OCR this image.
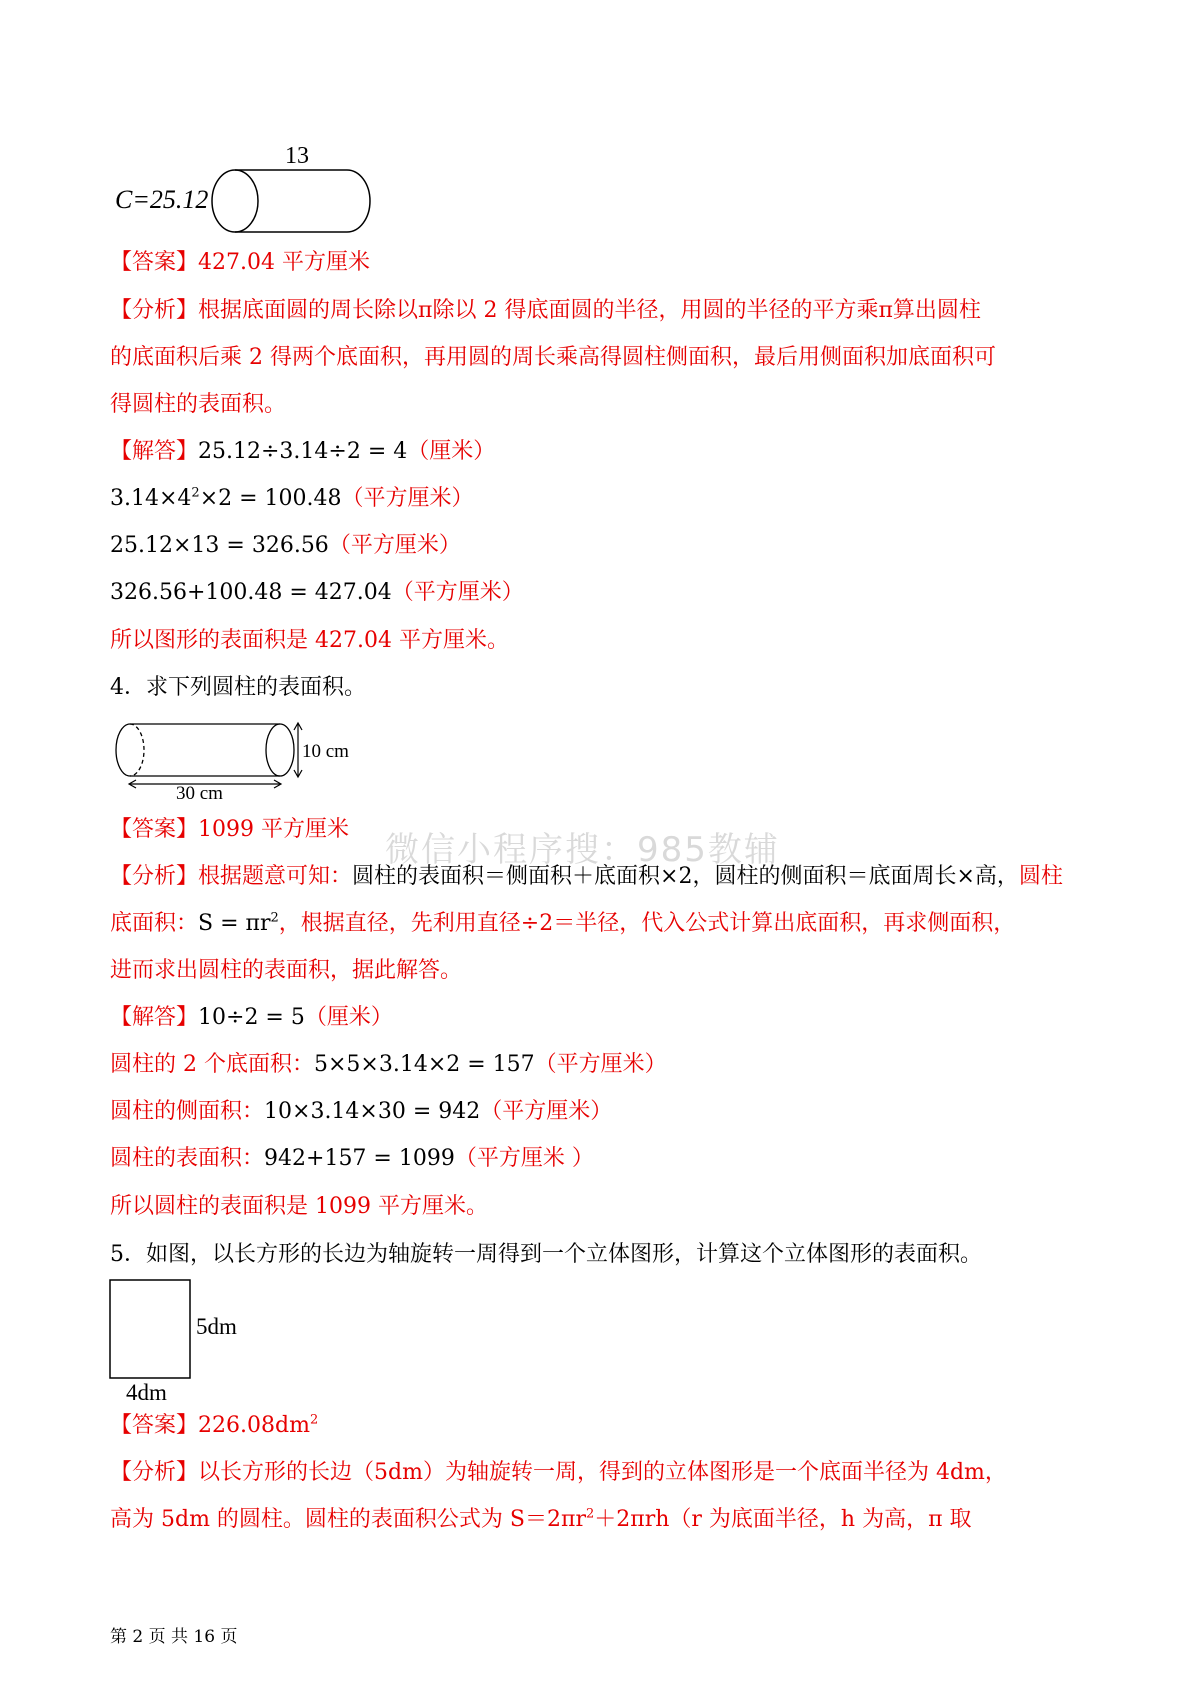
C=25.12
13
【答案】427.04 平方厘米
【分析】根据底面圆的周长除以π除以 2 得底面圆的半径，用圆的半径的平方乘π算出圆柱
的底面积后乘 2 得两个底面积，再用圆的周长乘高得圆柱侧面积，最后用侧面积加底面积可
得圆柱的表面积。
【解答】25.12÷3.14÷2 = 4（厘米）
$3.14\times 4^2\times 2 = 100.48$（平方厘米）
25.12×13 = 326.56（平方厘米）
326.56+100.48 = 427.04（平方厘米）
所以图形的表面积是 427.04 平方厘米。
4．求下列圆柱的表面积。
10 cm
30 cm
【答案】1099 平方厘米
【分析】根据题意可知：圆柱的表面积＝侧面积＋底面积×2，圆柱的侧面积＝底面周长×高，圆柱
底面积：$S = \pi r^2$，根据直径，先利用直径÷2＝半径，代入公式计算出底面积，再求侧面积，
进而求出圆柱的表面积，据此解答。
【解答】10÷2 = 5（厘米）
圆柱的 2 个底面积：5×5×3.14×2 = 157（平方厘米）
圆柱的侧面积：10×3.14×30 = 942（平方厘米）
圆柱的表面积：942+157 = 1099（平方厘米 ）
所以圆柱的表面积是 1099 平方厘米。
5．如图，以长方形的长边为轴旋转一周得到一个立体图形，计算这个立体图形的表面积。
5dm
4dm
【答案】$226.08dm^2$
【分析】以长方形的长边（5dm）为轴旋转一周，得到的立体图形是一个底面半径为 4dm，
高为 5dm 的圆柱。圆柱的表面积公式为 $S=2\pi r^2+2\pi rh(r$ 为底面半径，h 为高，π 取
微信小程序搜：985教辅
第 2 页 共 16 页
